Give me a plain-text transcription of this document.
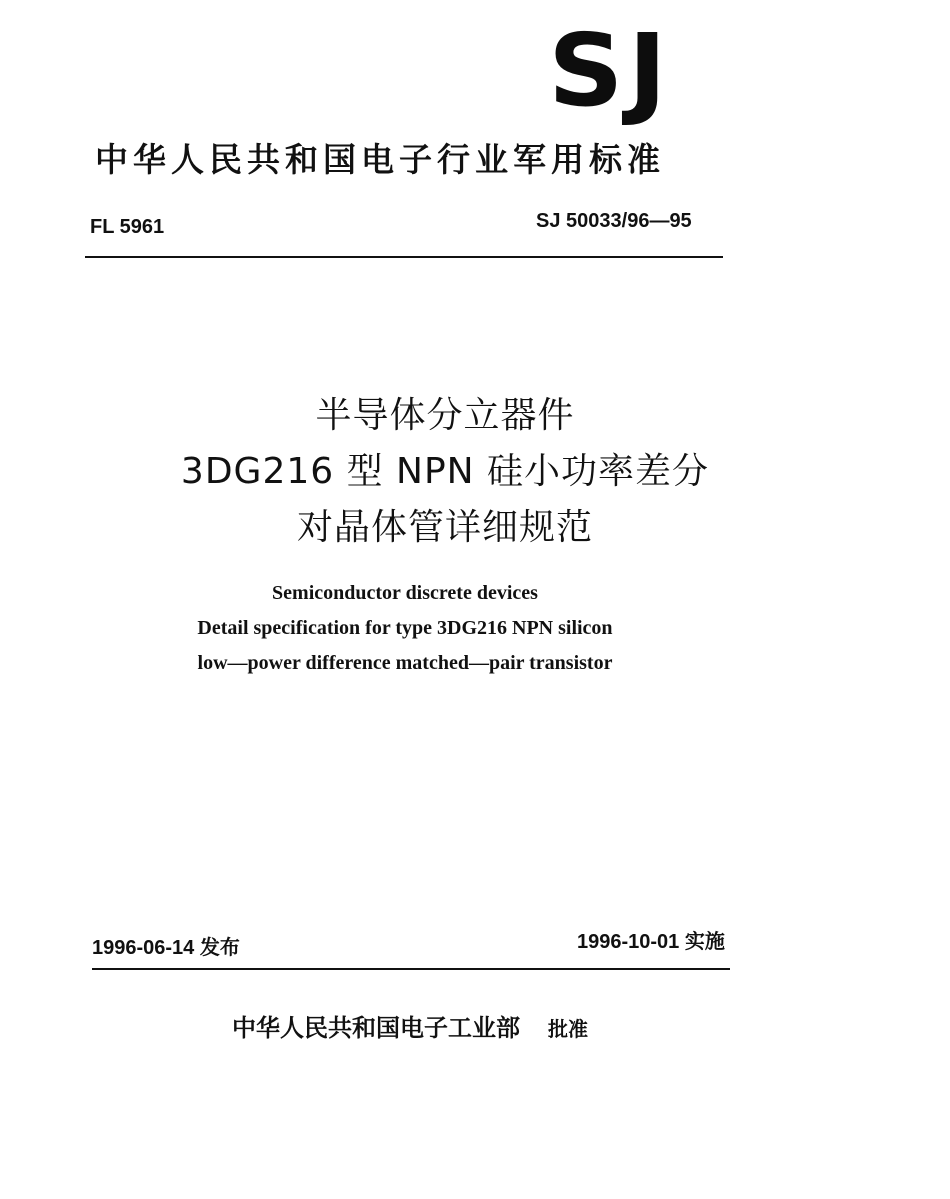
SJ
中华人民共和国电子行业军用标准
FL 5961	SJ 50033/96—95
半导体分立器件
3DG216 型 NPN 硅小功率差分
对晶体管详细规范
Semiconductor discrete devices
Detail specification for type 3DG216 NPN silicon
low—power difference matched—pair transistor
1996-06-14 发布	1996-10-01 实施
中华人民共和国电子工业部 批准
